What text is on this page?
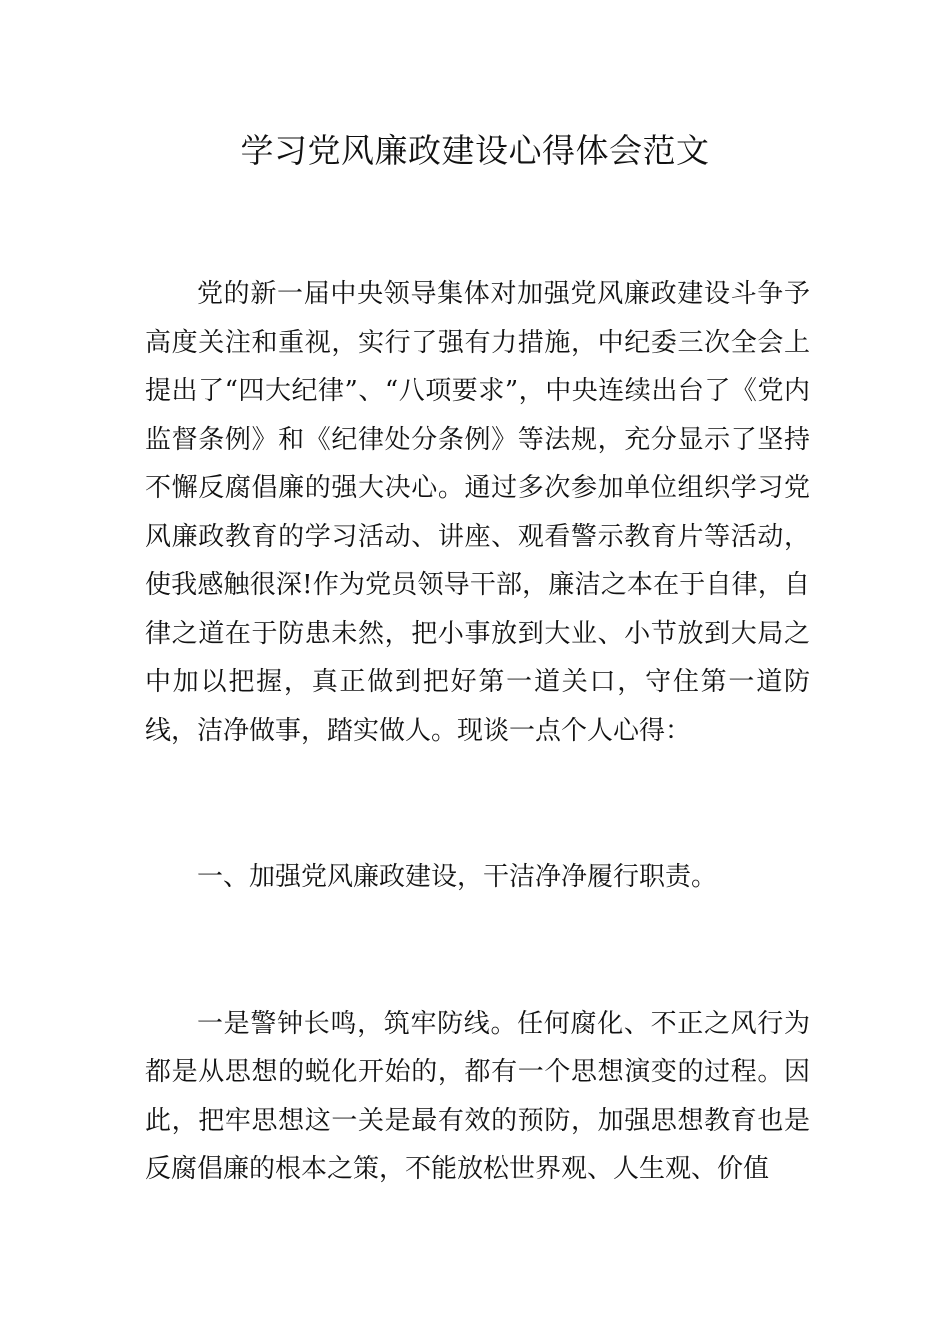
学习党风廉政建设心得体会范文

党的新一届中央领导集体对加强党风廉政建设斗争予高度关注和重视，实行了强有力措施，中纪委三次全会上提出了“四大纪律”、“八项要求”，中央连续出台了《党内监督条例》和《纪律处分条例》等法规，充分显示了坚持不懈反腐倡廉的强大决心。通过多次参加单位组织学习党风廉政教育的学习活动、讲座、观看警示教育片等活动，使我感触很深!作为党员领导干部，廉洁之本在于自律，自律之道在于防患未然，把小事放到大业、小节放到大局之中加以把握，真正做到把好第一道关口，守住第一道防线，洁净做事，踏实做人。现谈一点个人心得：

一、加强党风廉政建设，干洁净净履行职责。

一是警钟长鸣，筑牢防线。任何腐化、不正之风行为都是从思想的蜕化开始的，都有一个思想演变的过程。因此，把牢思想这一关是最有效的预防，加强思想教育也是反腐倡廉的根本之策，不能放松世界观、人生观、价值
